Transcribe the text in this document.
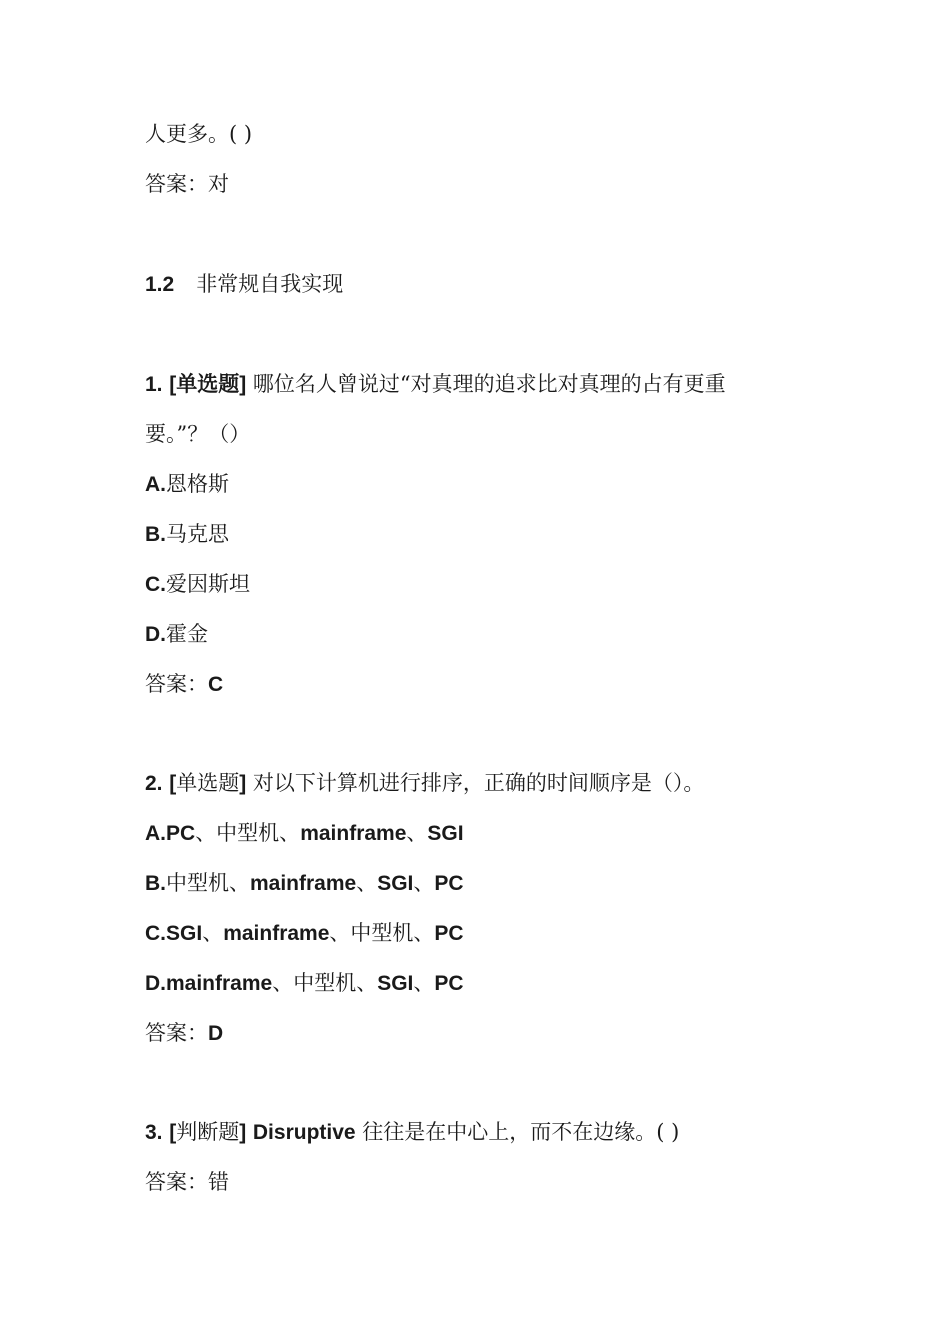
人更多。( )
答案：对
1.2 非常规自我实现
1. [单选题] 哪位名人曾说过“对真理的追求比对真理的占有更重
要。”？（）
A.恩格斯
B.马克思
C.爱因斯坦
D.霍金
答案：C
2. [单选题] 对以下计算机进行排序，正确的时间顺序是（）。
A.PC、中型机、mainframe、SGI
B.中型机、mainframe、SGI、PC
C.SGI、mainframe、中型机、PC
D.mainframe、中型机、SGI、PC
答案：D
3. [判断题] Disruptive 往往是在中心上，而不在边缘。( )
答案：错
